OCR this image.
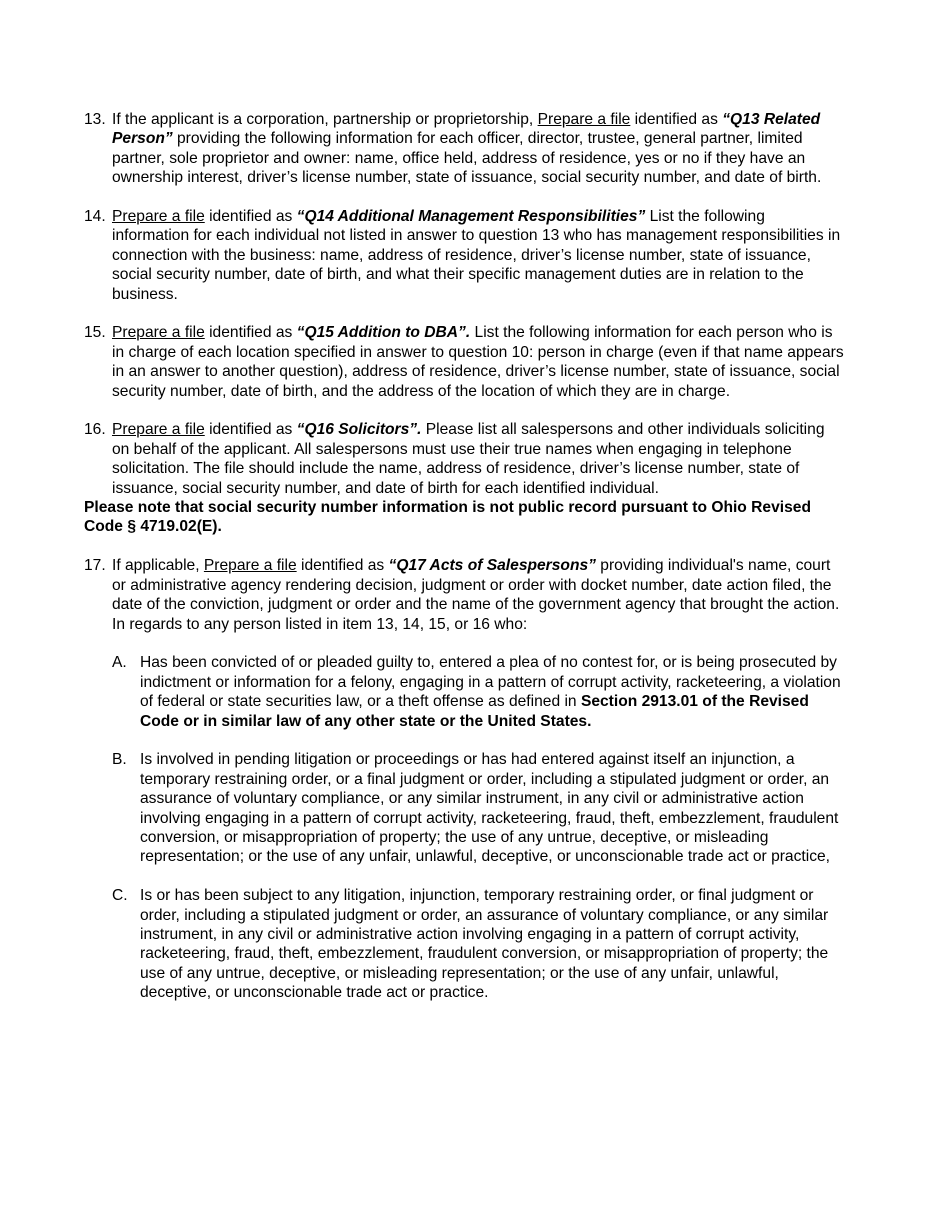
13. If the applicant is a corporation, partnership or proprietorship, Prepare a file identified as “Q13 Related Person” providing the following information for each officer, director, trustee, general partner, limited partner, sole proprietor and owner: name, office held, address of residence, yes or no if they have an ownership interest, driver’s license number, state of issuance, social security number, and date of birth.
14. Prepare a file identified as “Q14 Additional Management Responsibilities” List the following information for each individual not listed in answer to question 13 who has management responsibilities in connection with the business: name, address of residence, driver’s license number, state of issuance, social security number, date of birth, and what their specific management duties are in relation to the business.
15. Prepare a file identified as “Q15 Addition to DBA”. List the following information for each person who is in charge of each location specified in answer to question 10: person in charge (even if that name appears in an answer to another question), address of residence, driver’s license number, state of issuance, social security number, date of birth, and the address of the location of which they are in charge.
16. Prepare a file identified as “Q16 Solicitors”. Please list all salespersons and other individuals soliciting on behalf of the applicant. All salespersons must use their true names when engaging in telephone solicitation. The file should include the name, address of residence, driver’s license number, state of issuance, social security number, and date of birth for each identified individual.
Please note that social security number information is not public record pursuant to Ohio Revised Code § 4719.02(E).
17. If applicable, Prepare a file identified as “Q17 Acts of Salespersons” providing individual's name, court or administrative agency rendering decision, judgment or order with docket number, date action filed, the date of the conviction, judgment or order and the name of the government agency that brought the action. In regards to any person listed in item 13, 14, 15, or 16 who:
A. Has been convicted of or pleaded guilty to, entered a plea of no contest for, or is being prosecuted by indictment or information for a felony, engaging in a pattern of corrupt activity, racketeering, a violation of federal or state securities law, or a theft offense as defined in Section 2913.01 of the Revised Code or in similar law of any other state or the United States.
B. Is involved in pending litigation or proceedings or has had entered against itself an injunction, a temporary restraining order, or a final judgment or order, including a stipulated judgment or order, an assurance of voluntary compliance, or any similar instrument, in any civil or administrative action involving engaging in a pattern of corrupt activity, racketeering, fraud, theft, embezzlement, fraudulent conversion, or misappropriation of property; the use of any untrue, deceptive, or misleading representation; or the use of any unfair, unlawful, deceptive, or unconscionable trade act or practice,
C. Is or has been subject to any litigation, injunction, temporary restraining order, or final judgment or order, including a stipulated judgment or order, an assurance of voluntary compliance, or any similar instrument, in any civil or administrative action involving engaging in a pattern of corrupt activity, racketeering, fraud, theft, embezzlement, fraudulent conversion, or misappropriation of property; the use of any untrue, deceptive, or misleading representation; or the use of any unfair, unlawful, deceptive, or unconscionable trade act or practice.
